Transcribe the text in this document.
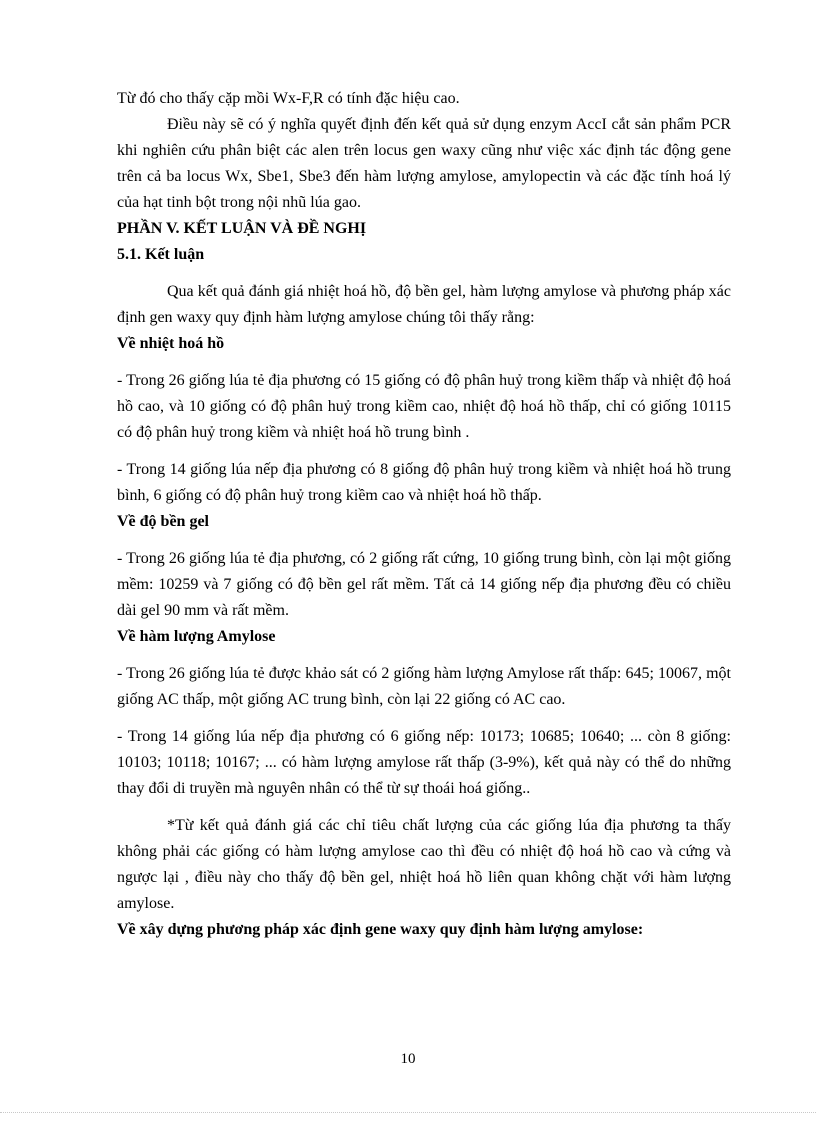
Từ đó cho thấy cặp mồi Wx-F,R có tính đặc hiệu cao.

Điều này sẽ có ý nghĩa quyết định đến kết quả sử dụng enzym AccI cắt sản phẩm PCR khi nghiên cứu phân biệt các alen trên locus gen waxy cũng như việc xác định tác động gene trên cả ba locus Wx, Sbe1, Sbe3 đến hàm lượng amylose, amylopectin và các đặc tính hoá lý của hạt tinh bột trong nội nhũ lúa gao.

PHẦN V. KẾT LUẬN VÀ ĐỀ NGHỊ

5.1. Kết luận

Qua kết quả đánh giá nhiệt hoá hồ, độ bền gel, hàm lượng amylose và phương pháp xác định gen waxy quy định hàm lượng amylose chúng tôi thấy rằng:

Về nhiệt hoá hồ

- Trong 26 giống lúa tẻ địa phương có 15 giống có độ phân huỷ trong kiềm thấp và nhiệt độ hoá hồ cao, và 10 giống có độ phân huỷ trong kiềm cao, nhiệt độ hoá hồ thấp, chỉ có giống 10115 có độ phân huỷ trong kiềm và nhiệt hoá hồ trung bình .

- Trong 14 giống lúa nếp địa phương có 8 giống độ phân huỷ trong kiềm và nhiệt hoá hồ trung bình, 6 giống có độ phân huỷ trong kiềm cao và nhiệt hoá hồ thấp.

Về độ bền gel

- Trong 26 giống lúa tẻ địa phương, có 2 giống rất cứng, 10 giống trung bình, còn lại một giống mềm: 10259 và 7 giống có độ bền gel rất mềm. Tất cả 14 giống nếp địa phương đều có chiều dài gel 90 mm và rất mềm.

Về hàm lượng Amylose

- Trong 26 giống lúa tẻ được khảo sát có 2 giống hàm lượng Amylose rất thấp: 645; 10067, một giống AC thấp, một giống AC trung bình, còn lại 22 giống có AC cao.

- Trong 14 giống lúa nếp địa phương có 6 giống nếp: 10173; 10685; 10640; ... còn 8 giống: 10103; 10118; 10167; ... có hàm lượng amylose rất thấp (3-9%), kết quả này có thể do những thay đổi di truyền mà nguyên nhân có thể từ sự thoái hoá giống..

*Từ kết quả đánh giá các chỉ tiêu chất lượng của các giống lúa địa phương ta thấy không phải các giống có hàm lượng amylose cao thì đều có nhiệt độ hoá hồ cao và cứng và ngược lại , điều này cho thấy độ bền gel, nhiệt hoá hồ liên quan không chặt với hàm lượng amylose.

Về xây dựng phương pháp xác định gene waxy quy định hàm lượng amylose:

10
